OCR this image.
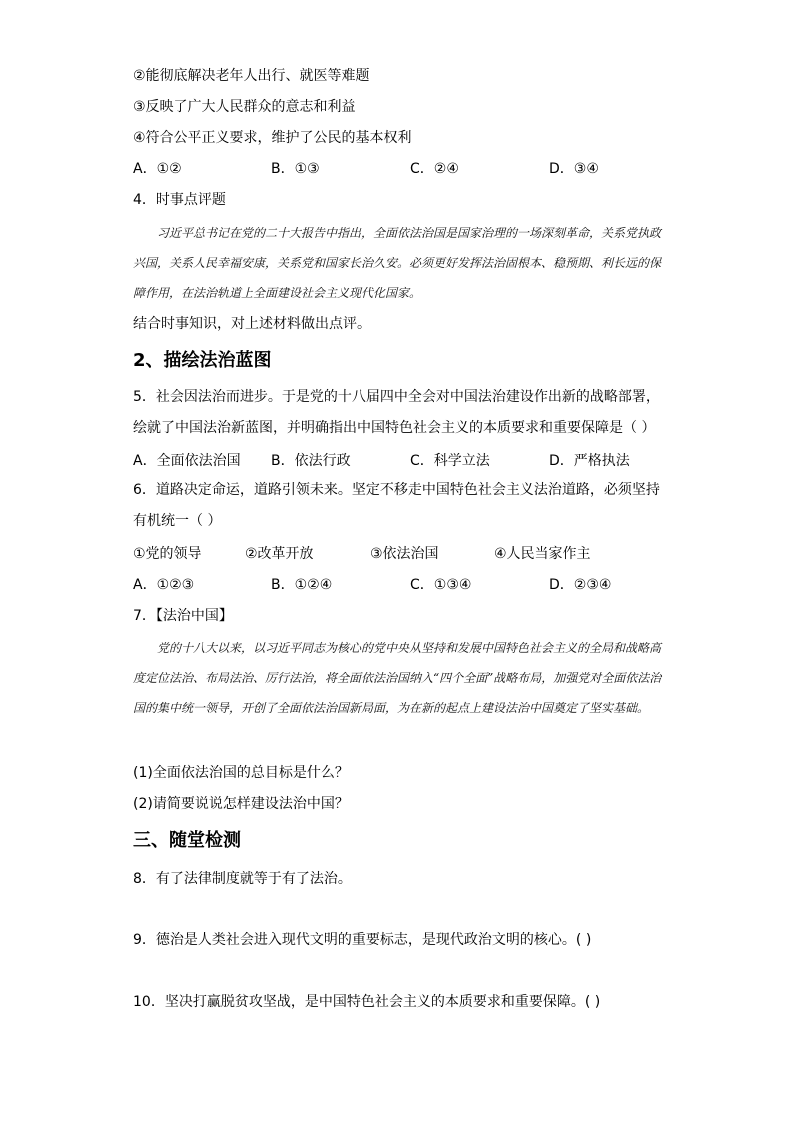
②能彻底解决老年人出行、就医等难题
③反映了广大人民群众的意志和利益
④符合公平正义要求，维护了公民的基本权利
A．①②	B．①③	C．②④	D．③④
4．时事点评题

习近平总书记在党的二十大报告中指出，全面依法治国是国家治理的一场深刻革命，关系党执政兴国，关系人民幸福安康，关系党和国家长治久安。必须更好发挥法治固根本、稳预期、利长远的保障作用，在法治轨道上全面建设社会主义现代化国家。

结合时事知识，对上述材料做出点评。
2、描绘法治蓝图
5．社会因法治而进步。于是党的十八届四中全会对中国法治建设作出新的战略部署，绘就了中国法治新蓝图，并明确指出中国特色社会主义的本质要求和重要保障是（ ）
A．全面依法治国 B．依法行政	C．科学立法	D．严格执法
6．道路决定命运，道路引领未来。坚定不移走中国特色社会主义法治道路，必须坚持有机统一（ ）
①党的领导	②改革开放	③依法治国	④人民当家作主
A．①②③	B．①②④	C．①③④	D．②③④
7．【法治中国】

党的十八大以来，以习近平同志为核心的党中央从坚持和发展中国特色社会主义的全局和战略高度定位法治、布局法治、厉行法治，将全面依法治国纳入“四个全面”战略布局，加强党对全面依法治国的集中统一领导，开创了全面依法治国新局面，为在新的起点上建设法治中国奠定了坚实基础。

(1)全面依法治国的总目标是什么？
(2)请简要说说怎样建设法治中国？
三、随堂检测
8．有了法律制度就等于有了法治。
9．德治是人类社会进入现代文明的重要标志，是现代政治文明的核心。( )
10．坚决打赢脱贫攻坚战，是中国特色社会主义的本质要求和重要保障。( )
